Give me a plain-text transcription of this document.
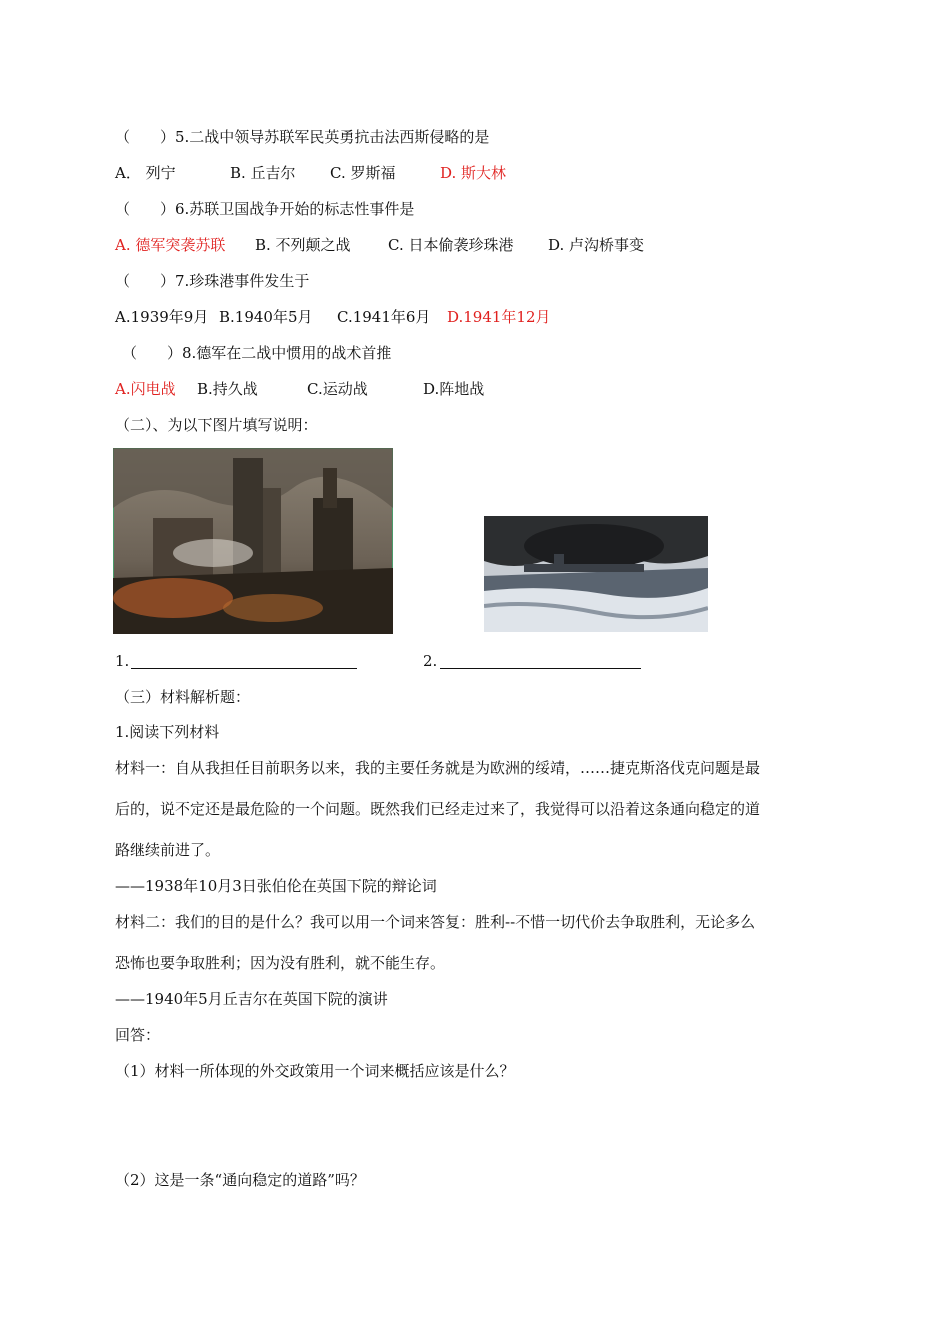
（　　）5.二战中领导苏联军民英勇抗击法西斯侵略的是
A． 列宁	B. 丘吉尔 C. 罗斯福	D. 斯大林
（　　）6.苏联卫国战争开始的标志性事件是
A. 德军突袭苏联 B. 不列颠之战 C. 日本偷袭珍珠港 D. 卢沟桥事变
（　　）7.珍珠港事件发生于
A.1939年9月 B.1940年5月 C.1941年6月 D.1941年12月
（　　）8.德军在二战中惯用的战术首推
A.闪电战 B.持久战	C.运动战	D.阵地战
（二）、为以下图片填写说明：
1.	2.
（三）材料解析题：
1.阅读下列材料
材料一：自从我担任目前职务以来，我的主要任务就是为欧洲的绥靖，……捷克斯洛伐克问题是最
后的，说不定还是最危险的一个问题。既然我们已经走过来了，我觉得可以沿着这条通向稳定的道
路继续前进了。
——1938年10月3日张伯伦在英国下院的辩论词
材料二：我们的目的是什么？我可以用一个词来答复：胜利--不惜一切代价去争取胜利，无论多么
恐怖也要争取胜利；因为没有胜利，就不能生存。
——1940年5月丘吉尔在英国下院的演讲
回答：
（1）材料一所体现的外交政策用一个词来概括应该是什么？
（2）这是一条“通向稳定的道路”吗？
